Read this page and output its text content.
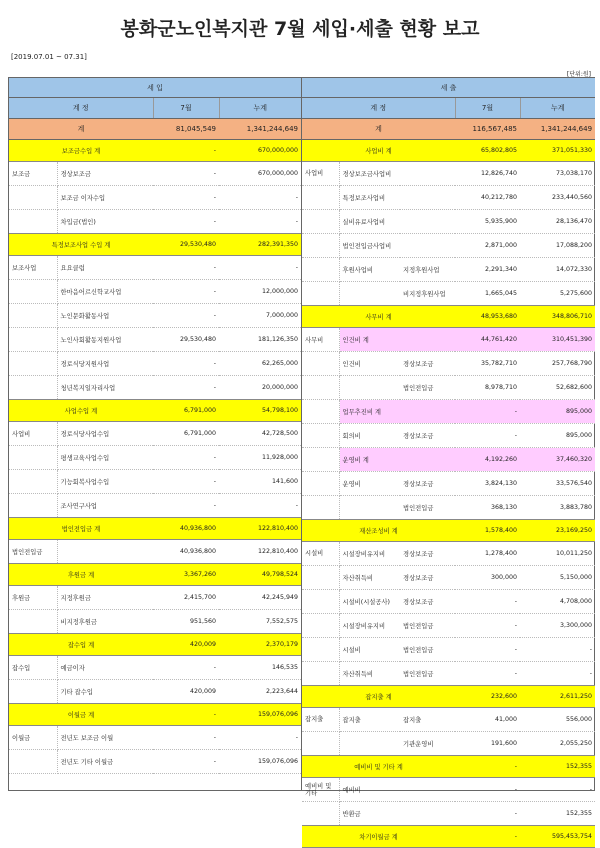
봉화군노인복지관 7월 세입·세출 현황 보고
[2019.07.01 ~ 07.31]
[단위:원]
세 입			
계 정		7월	누계
계		81,045,549	1,341,244,649
보조금수입 계		-	670,000,000
보조금	경상보조금	-	670,000,000
	보조금 이자수입	-	-
	차입금(법인)	-	-
특정보조사업 수입 계		29,530,480	282,391,350
보조사업	요요클럽	-	-
	한마음어르신학교사업	-	12,000,000
	노인문화활동사업	-	7,000,000
	노인사회활동지원사업	29,530,480	181,126,350
	경로식당지원사업	-	62,265,000
	청년복지일자리사업	-	20,000,000
사업수입 계		6,791,000	54,798,100
사업비	경로식당사업수입	6,791,000	42,728,500
	평생교육사업수입	-	11,928,000
	기능회복사업수입	-	141,600
	조사연구사업	-	-
법인전입금 계		40,936,800	122,810,400
법인전입금		40,936,800	122,810,400
후원금 계		3,367,260	49,798,524
후원금	지정후원금	2,415,700	42,245,949
	비지정후원금	951,560	7,552,575
잡수입 계		420,009	2,370,179
잡수입	예금이자	-	146,535
	기타 잡수입	420,009	2,223,644
이월금 계		-	159,076,096
이월금	전년도 보조금 이월	-	-
	전년도 기타 이월금	-	159,076,096
세 출				
계 정			7월	누계
계			116,567,485	1,341,244,649
사업비 계			65,802,805	371,051,330
사업비	경상보조금사업비		12,826,740	73,038,170
	특정보조사업비		40,212,780	233,440,560
	실비유료사업비		5,935,900	28,136,470
	법인전입금사업비		2,871,000	17,088,200
	후원사업비	지정후원사업	2,291,340	14,072,330
		비지정후원사업	1,665,045	5,275,600
사무비 계			48,953,680	348,806,710
사무비	인건비 계		44,761,420	310,451,390
	인건비	경상보조금	35,782,710	257,768,790
		법인전입금	8,978,710	52,682,600
	업무추진비 계		-	895,000
	회의비	경상보조금	-	895,000
	운영비 계		4,192,260	37,460,320
	운영비	경상보조금	3,824,130	33,576,540
		법인전입금	368,130	3,883,780
재산조성비 계			1,578,400	23,169,250
시설비	시설장비유지비	경상보조금	1,278,400	10,011,250
	자산취득비	경상보조금	300,000	5,150,000
	시설비(시설공사)	경상보조금	-	4,708,000
	시설장비유지비	법인전입금	-	3,300,000
	시설비	법인전입금	-	-
	자산취득비	법인전입금	-	-
잡지출 계			232,600	2,611,250
잡지출	잡지출	잡지출	41,000	556,000
		기관운영비	191,600	2,055,250
예비비 및 기타 계			-	152,355
예비비 및기타	예비비		-	-
	반환금		-	152,355
차기이월금 계			-	595,453,754
